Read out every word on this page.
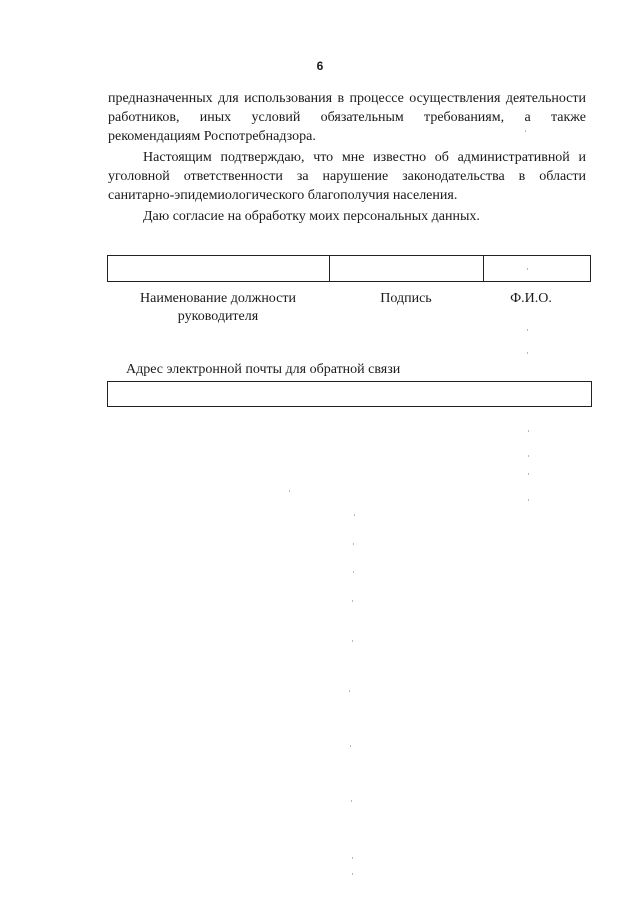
6
предназначенных для использования в процессе осуществления деятельности
работников, иных условий обязательным требованиям, а также
рекомендациям Роспотребнадзора.
Настоящим подтверждаю, что мне известно об административной и
уголовной ответственности за нарушение законодательства в области
санитарно-эпидемиологического благополучия населения.
Даю согласие на обработку моих персональных данных.
Наименование должности
руководителя
Подпись	Ф.И.О.
Адрес электронной почты для обратной связи
